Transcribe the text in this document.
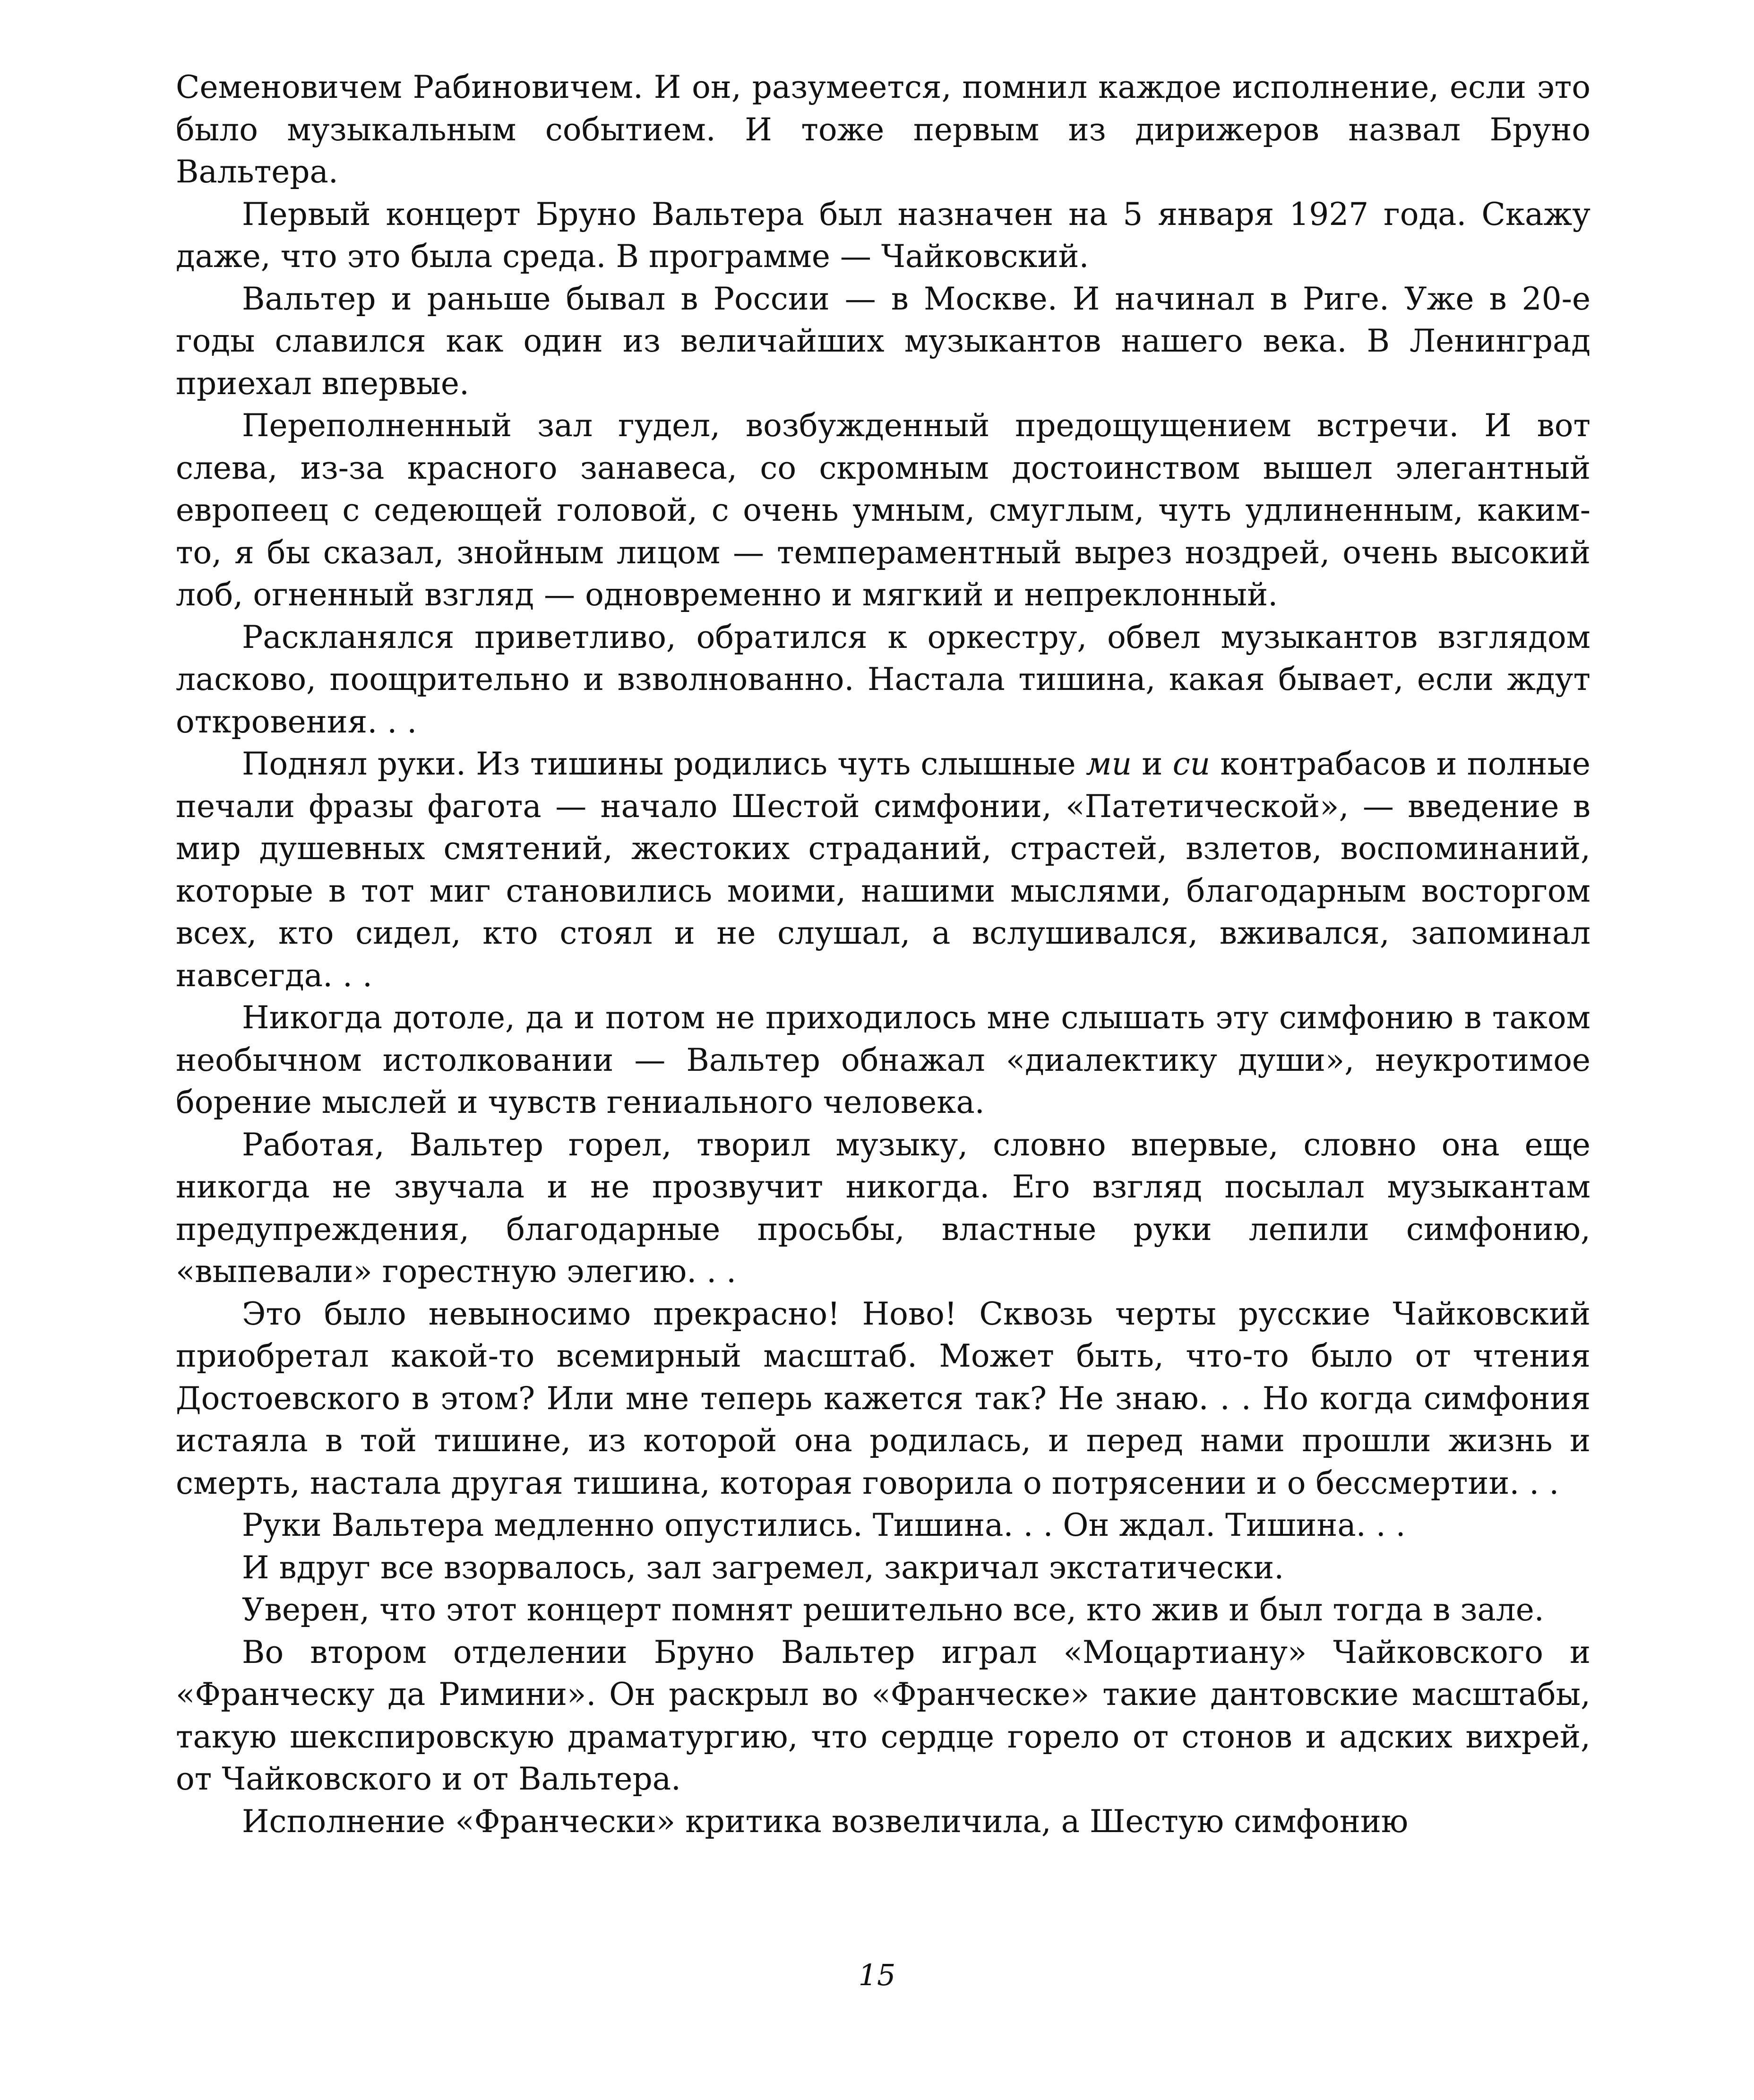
Семеновичем Рабиновичем. И он, разумеется, помнил каждое исполнение, если это было музыкальным событием. И тоже первым из дирижеров назвал Бруно Вальтера.

Первый концерт Бруно Вальтера был назначен на 5 января 1927 года. Скажу даже, что это была среда. В программе — Чайковский.

Вальтер и раньше бывал в России — в Москве. И начинал в Риге. Уже в 20-е годы славился как один из величайших музыкантов нашего века. В Ленинград приехал впервые.

Переполненный зал гудел, возбужденный предощущением встречи. И вот слева, из-за красного занавеса, со скромным достоинством вышел элегантный европеец с седеющей головой, с очень умным, смуглым, чуть удлиненным, каким-то, я бы сказал, знойным лицом — темпераментный вырез ноздрей, очень высокий лоб, огненный взгляд — одновременно и мягкий и непреклонный.

Раскланялся приветливо, обратился к оркестру, обвел музыкантов взглядом ласково, поощрительно и взволнованно. Настала тишина, какая бывает, если ждут откровения. . .

Поднял руки. Из тишины родились чуть слышные ми и си контрабасов и полные печали фразы фагота — начало Шестой симфонии, «Патетической», — введение в мир душевных смятений, жестоких страданий, страстей, взлетов, воспоминаний, которые в тот миг становились моими, нашими мыслями, благодарным восторгом всех, кто сидел, кто стоял и не слушал, а вслушивался, вживался, запоминал навсегда. . .

Никогда дотоле, да и потом не приходилось мне слышать эту симфонию в таком необычном истолковании — Вальтер обнажал «диалектику души», неукротимое борение мыслей и чувств гениального человека.

Работая, Вальтер горел, творил музыку, словно впервые, словно она еще никогда не звучала и не прозвучит никогда. Его взгляд посылал музыкантам предупреждения, благодарные просьбы, властные руки лепили симфонию, «выпевали» горестную элегию. . .

Это было невыносимо прекрасно! Ново! Сквозь черты русские Чайковский приобретал какой-то всемирный масштаб. Может быть, что-то было от чтения Достоевского в этом? Или мне теперь кажется так? Не знаю. . . Но когда симфония истаяла в той тишине, из которой она родилась, и перед нами прошли жизнь и смерть, настала другая тишина, которая говорила о потрясении и о бессмертии. . .

Руки Вальтера медленно опустились. Тишина. . . Он ждал. Тишина. . .

И вдруг все взорвалось, зал загремел, закричал экстатически.

Уверен, что этот концерт помнят решительно все, кто жив и был тогда в зале.

Во втором отделении Бруно Вальтер играл «Моцартиану» Чайковского и «Франческу да Римини». Он раскрыл во «Франческе» такие дантовские масштабы, такую шекспировскую драматургию, что сердце горело от стонов и адских вихрей, от Чайковского и от Вальтера.

Исполнение «Франчески» критика возвеличила, а Шестую симфонию

15
